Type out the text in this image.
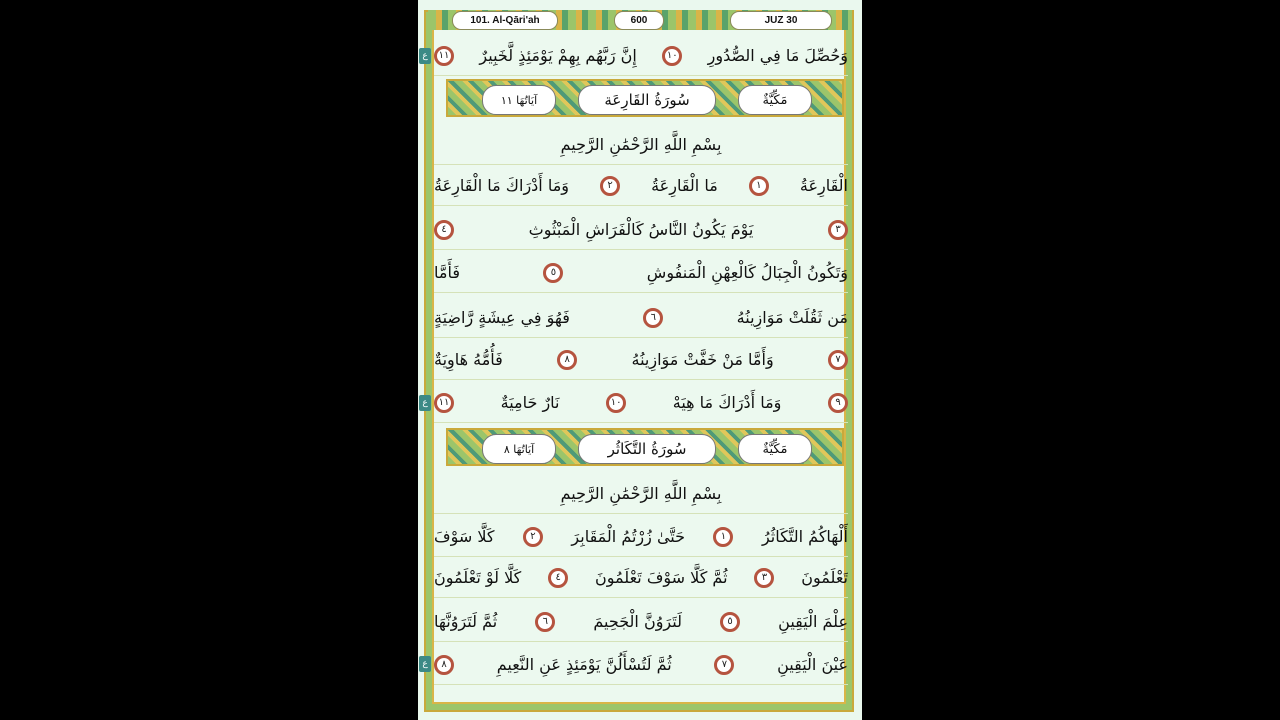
101. Al-Qāri'ah	600	JUZ 30
مَكِّيَّةٌ
سُورَةُ القَارِعَة
آيَاتُهَا ١١
بِسْمِ اللَّهِ الرَّحْمَٰنِ الرَّحِيمِ
مَكِّيَّةٌ
سُورَةُ التَّكَاثُر
آيَاتُهَا ٨
بِسْمِ اللَّهِ الرَّحْمَٰنِ الرَّحِيمِ
وَحُصِّلَ مَا فِي الصُّدُورِ
١٠
إِنَّ رَبَّهُم بِهِمْ يَوْمَئِذٍ لَّخَبِيرٌ
١١
الْقَارِعَةُ
١
مَا الْقَارِعَةُ
٢
وَمَا أَدْرَاكَ مَا الْقَارِعَةُ
٣
يَوْمَ يَكُونُ النَّاسُ كَالْفَرَاشِ الْمَبْثُوثِ
٤
وَتَكُونُ الْجِبَالُ كَالْعِهْنِ الْمَنفُوشِ
٥
فَأَمَّا
مَن ثَقُلَتْ مَوَازِينُهُ
٦
فَهُوَ فِي عِيشَةٍ رَّاضِيَةٍ
٧
وَأَمَّا مَنْ خَفَّتْ مَوَازِينُهُ
٨
فَأُمُّهُ هَاوِيَةٌ
٩
وَمَا أَدْرَاكَ مَا هِيَهْ
١٠
نَارٌ حَامِيَةٌ
١١
أَلْهَاكُمُ التَّكَاثُرُ
١
حَتَّىٰ زُرْتُمُ الْمَقَابِرَ
٢
كَلَّا سَوْفَ
تَعْلَمُونَ
٣
ثُمَّ كَلَّا سَوْفَ تَعْلَمُونَ
٤
كَلَّا لَوْ تَعْلَمُونَ
عِلْمَ الْيَقِينِ
٥
لَتَرَوُنَّ الْجَحِيمَ
٦
ثُمَّ لَتَرَوُنَّهَا
عَيْنَ الْيَقِينِ
٧
ثُمَّ لَتُسْأَلُنَّ يَوْمَئِذٍ عَنِ النَّعِيمِ
٨
ع
ع
ع
